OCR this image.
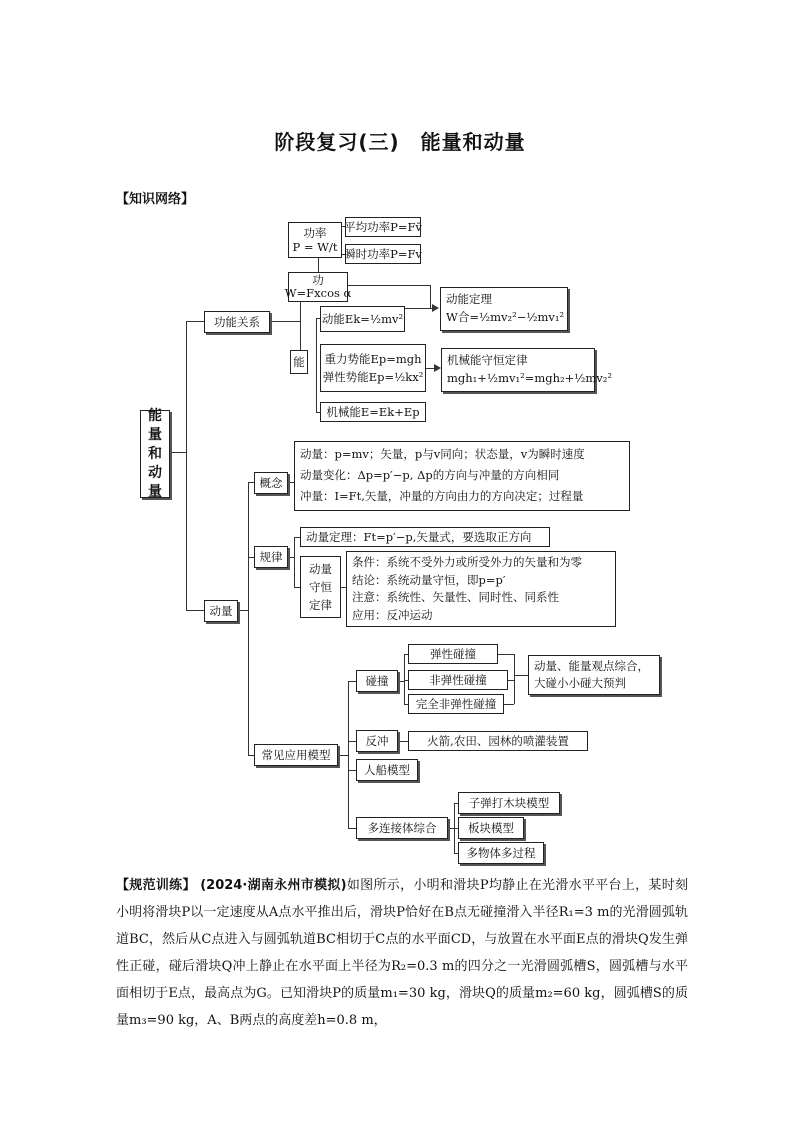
阶段复习(三)　能量和动量
【知识网络】
能量和动量
功能关系
功率
P = W/t
平均功率P=Fv̄
瞬时功率P=Fv
功
W=Fxcos α
能
动能Ek=½mv²
重力势能Ep=mgh
弹性势能Ep=½kx²
机械能E=Ek+Ep
动能定理
W合=½mv₂²−½mv₁²
机械能守恒定律
mgh₁+½mv₁²=mgh₂+½mv₂²
动量
概念
动量：p=mv；矢量，p与v同向；状态量，v为瞬时速度
动量变化：Δp=p′−p, Δp的方向与冲量的方向相同
冲量：I=Ft,矢量，冲量的方向由力的方向决定；过程量
规律
动量定理：Ft=p′−p,矢量式，要选取正方向
动量
守恒
定律
条件：系统不受外力或所受外力的矢量和为零
结论：系统动量守恒，即p=p′
注意：系统性、矢量性、同时性、同系性
应用：反冲运动
常见应用模型
碰撞
弹性碰撞
非弹性碰撞
完全非弹性碰撞
动量、能量观点综合，
大碰小小碰大预判
反冲	火箭,农田、园林的喷灌装置
人船模型
多连接体综合
子弹打木块模型
板块模型
多物体多过程
【规范训练】 (2024·湖南永州市模拟)如图所示，小明和滑块P均静止在光滑水平平台上，某时刻小明将滑块P以一定速度从A点水平推出后，滑块P恰好在B点无碰撞滑入半径R₁=3 m的光滑圆弧轨道BC，然后从C点进入与圆弧轨道BC相切于C点的水平面CD，与放置在水平面E点的滑块Q发生弹性正碰，碰后滑块Q冲上静止在水平面上半径为R₂=0.3 m的四分之一光滑圆弧槽S，圆弧槽与水平面相切于E点，最高点为G。已知滑块P的质量m₁=30 kg，滑块Q的质量m₂=60 kg，圆弧槽S的质量m₃=90 kg，A、B两点的高度差h=0.8 m，
